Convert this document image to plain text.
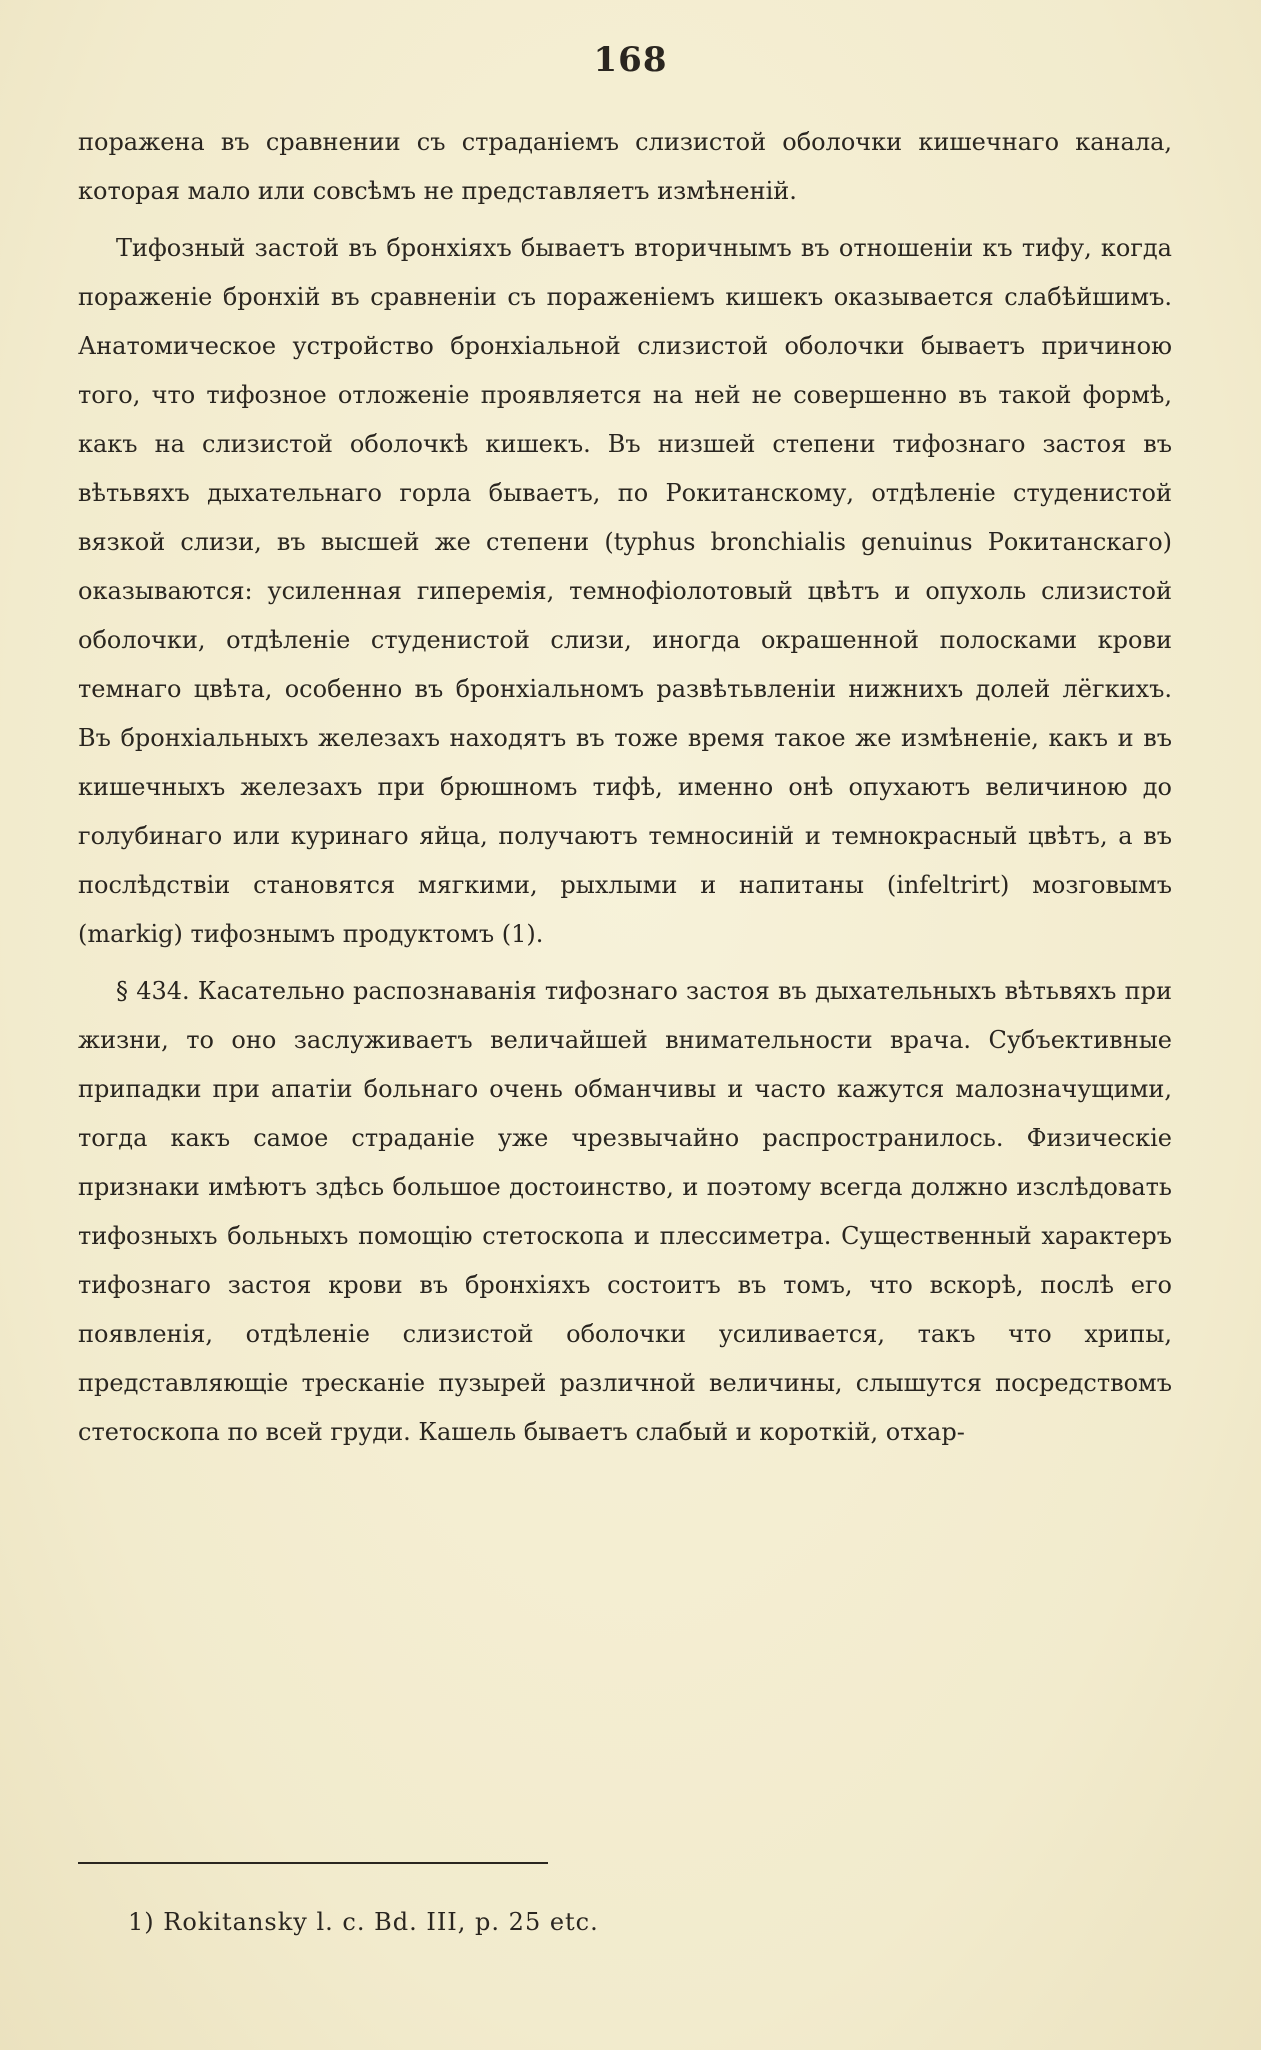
168

поражена въ сравнении съ страданіемъ слизистой оболочки кишечнаго канала, которая мало или совсѣмъ не представляетъ измѣненій.

Тифозный застой въ бронхіяхъ бываетъ вторичнымъ въ отношеніи къ тифу, когда пораженіе бронхій въ сравненіи съ пораженіемъ кишекъ оказывается слабѣйшимъ. Анатомическое устройство бронхіальной слизистой оболочки бываетъ причиною того, что тифозное отложеніе проявляется на ней не совершенно въ такой формѣ, какъ на слизистой оболочкѣ кишекъ. Въ низшей степени тифознаго застоя въ вѣтьвяхъ дыхательнаго горла бываетъ, по Рокитанскому, отдѣленіе студенистой вязкой слизи, въ высшей же степени (typhus bronchialis genuinus Рокитанскаго) оказываются: усиленная гиперемія, темнофіолотовый цвѣтъ и опухоль слизистой оболочки, отдѣленіе студенистой слизи, иногда окрашенной полосками крови темнаго цвѣта, особенно въ бронхіальномъ развѣтьвленіи нижнихъ долей лёгкихъ. Въ бронхіальныхъ железахъ находятъ въ тоже время такое же измѣненіе, какъ и въ кишечныхъ железахъ при брюшномъ тифѣ, именно онѣ опухаютъ величиною до голубинаго или куринаго яйца, получаютъ темносиній и темнокрасный цвѣтъ, а въ послѣдствіи становятся мягкими, рыхлыми и напитаны (infeltrirt) мозговымъ (markig) тифознымъ продуктомъ (1).

§ 434. Касательно распознаванія тифознаго застоя въ дыхательныхъ вѣтьвяхъ при жизни, то оно заслуживаетъ величайшей внимательности врача. Субъективные припадки при апатіи больнаго очень обманчивы и часто кажутся малозначущими, тогда какъ самое страданіе уже чрезвычайно распространилось. Физическіе признаки имѣютъ здѣсь большое достоинство, и поэтому всегда должно изслѣдовать тифозныхъ больныхъ помощію стетоскопа и плессиметра. Существенный характеръ тифознаго застоя крови въ бронхіяхъ состоитъ въ томъ, что вскорѣ, послѣ его появленія, отдѣленіе слизистой оболочки усиливается, такъ что хрипы, представляющіе тресканіе пузырей различной величины, слышутся посредствомъ стетоскопа по всей груди. Кашель бываетъ слабый и короткій, отхар-

1) Rokitansky l. c. Bd. III, p. 25 etc.
